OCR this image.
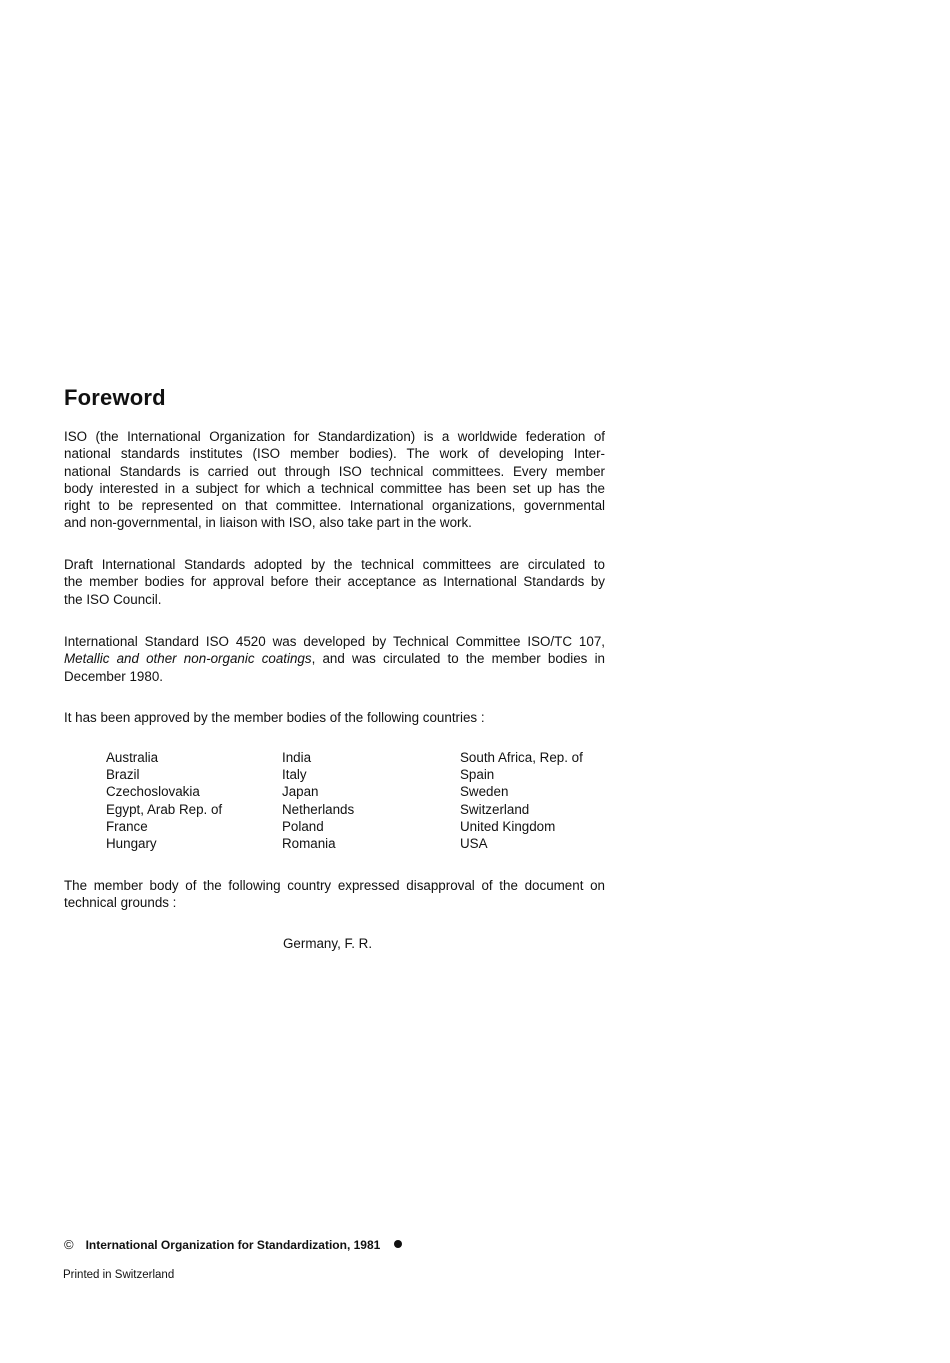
Foreword

ISO (the International Organization for Standardization) is a worldwide federation of
national standards institutes (ISO member bodies). The work of developing Inter-
national Standards is carried out through ISO technical committees. Every member
body interested in a subject for which a technical committee has been set up has the
right to be represented on that committee. International organizations, governmental
and non-governmental, in liaison with ISO, also take part in the work.

Draft International Standards adopted by the technical committees are circulated to
the member bodies for approval before their acceptance as International Standards by
the ISO Council.

International Standard ISO 4520 was developed by Technical Committee ISO/TC 107,
Metallic and other non-organic coatings, and was circulated to the member bodies in
December 1980.

It has been approved by the member bodies of the following countries :

Australia
Brazil
Czechoslovakia
Egypt, Arab Rep. of
France
Hungary
India
Italy
Japan
Netherlands
Poland
Romania
South Africa, Rep. of
Spain
Sweden
Switzerland
United Kingdom
USA

The member body of the following country expressed disapproval of the document on
technical grounds :

Germany, F. R.
© International Organization for Standardization, 1981
Printed in Switzerland
